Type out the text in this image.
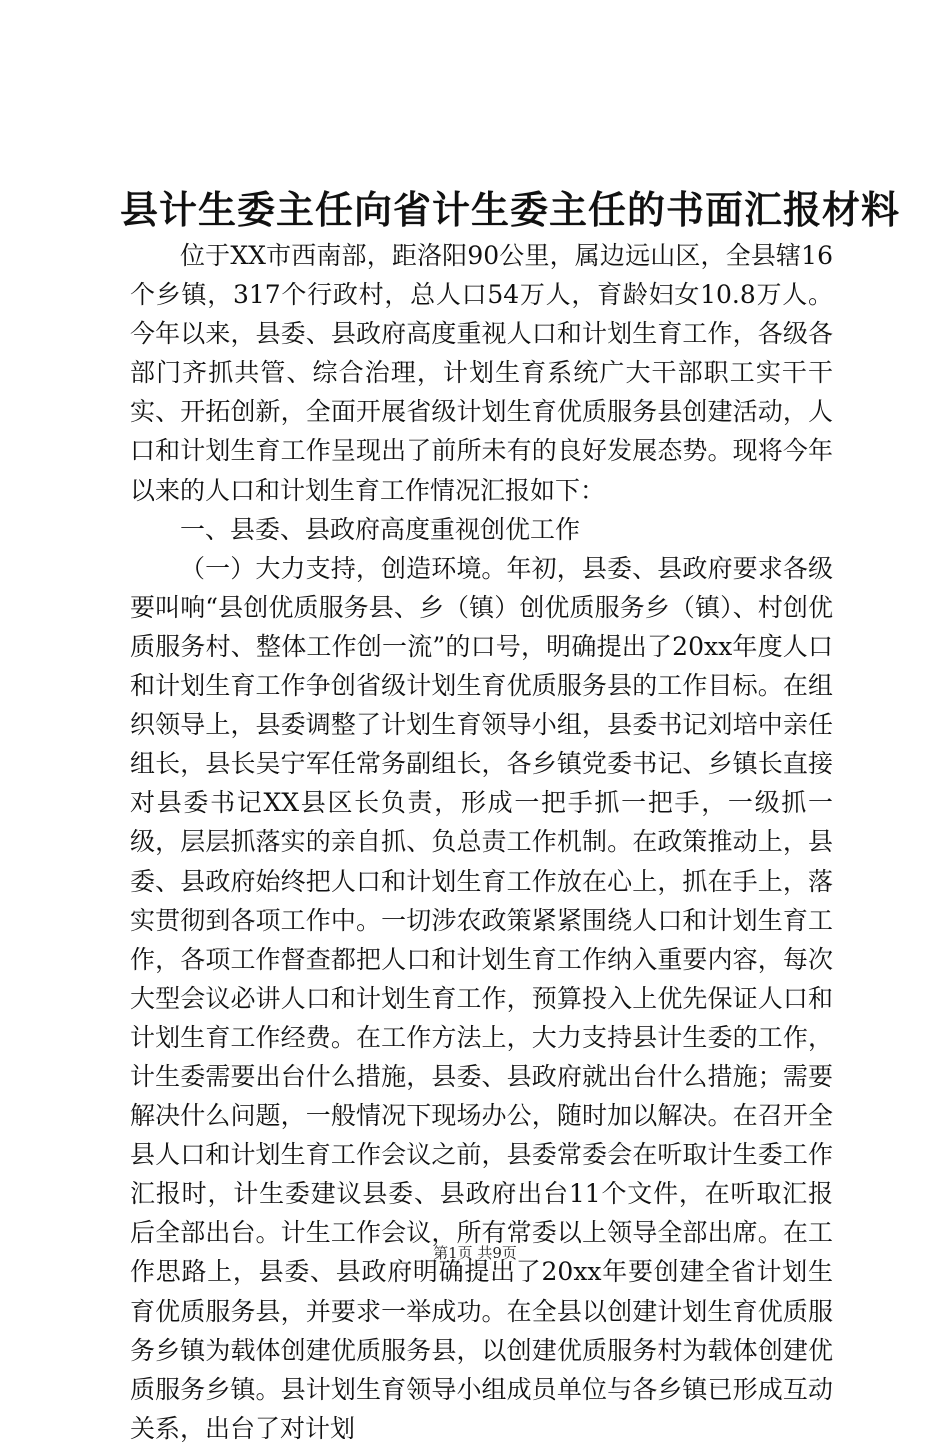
县计生委主任向省计生委主任的书面汇报材料

位于XX市西南部，距洛阳90公里，属边远山区，全县辖16个乡镇，317个行政村，总人口54万人，育龄妇女10.8万人。今年以来，县委、县政府高度重视人口和计划生育工作，各级各部门齐抓共管、综合治理，计划生育系统广大干部职工实干干实、开拓创新，全面开展省级计划生育优质服务县创建活动，人口和计划生育工作呈现出了前所未有的良好发展态势。现将今年以来的人口和计划生育工作情况汇报如下：

一、县委、县政府高度重视创优工作

（一）大力支持，创造环境。年初，县委、县政府要求各级要叫响“县创优质服务县、乡（镇）创优质服务乡（镇）、村创优质服务村、整体工作创一流”的口号，明确提出了20xx年度人口和计划生育工作争创省级计划生育优质服务县的工作目标。在组织领导上，县委调整了计划生育领导小组，县委书记刘培中亲任组长，县长吴宁军任常务副组长，各乡镇党委书记、乡镇长直接对县委书记XX县区长负责，形成一把手抓一把手，一级抓一级，层层抓落实的亲自抓、负总责工作机制。在政策推动上，县委、县政府始终把人口和计划生育工作放在心上，抓在手上，落实贯彻到各项工作中。一切涉农政策紧紧围绕人口和计划生育工作，各项工作督查都把人口和计划生育工作纳入重要内容，每次大型会议必讲人口和计划生育工作，预算投入上优先保证人口和计划生育工作经费。在工作方法上，大力支持县计生委的工作，计生委需要出台什么措施，县委、县政府就出台什么措施；需要解决什么问题，一般情况下现场办公，随时加以解决。在召开全县人口和计划生育工作会议之前，县委常委会在听取计生委工作汇报时，计生委建议县委、县政府出台11个文件，在听取汇报后全部出台。计生工作会议，所有常委以上领导全部出席。在工作思路上，县委、县政府明确提出了20xx年要创建全省计划生育优质服务县，并要求一举成功。在全县以创建计划生育优质服务乡镇为载体创建优质服务县，以创建优质服务村为载体创建优质服务乡镇。县计划生育领导小组成员单位与各乡镇已形成互动关系，出台了对计划

第1页 共9页
